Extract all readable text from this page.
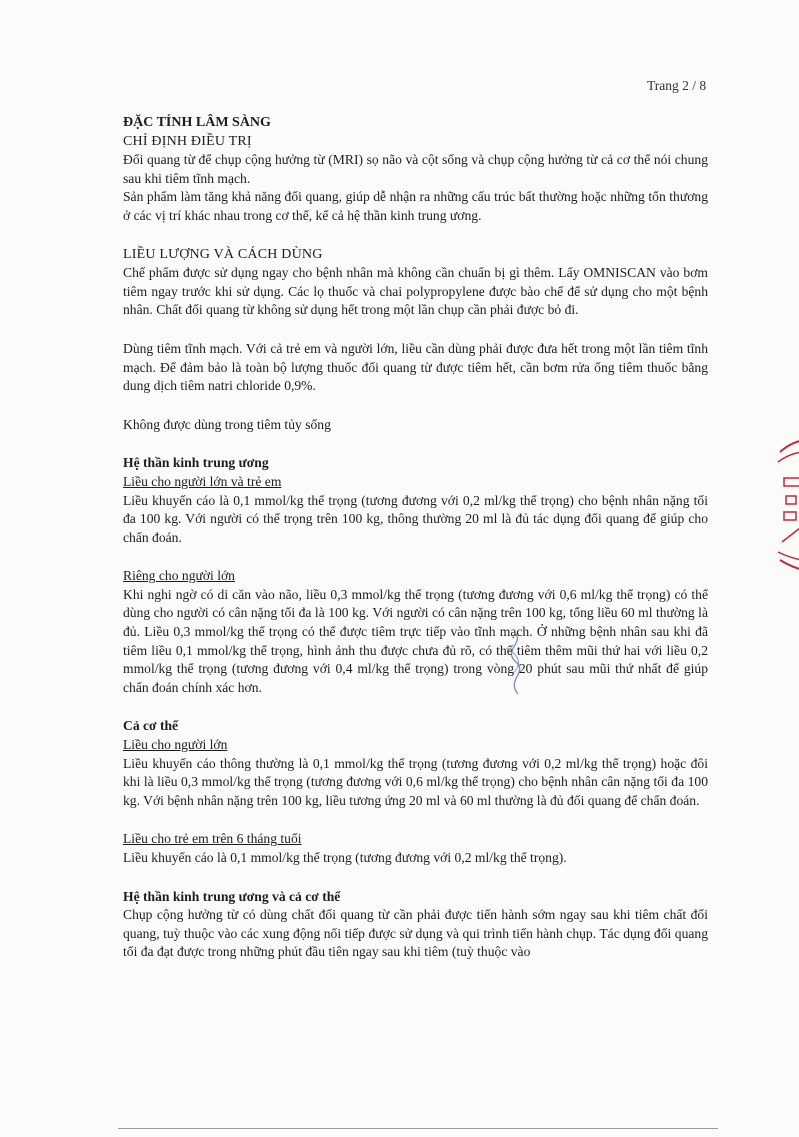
Trang 2 / 8

ĐẶC TÍNH LÂM SÀNG

CHỈ ĐỊNH ĐIỀU TRỊ

Đối quang từ để chụp cộng hưởng từ (MRI) sọ não và cột sống và chụp cộng hưởng từ cả cơ thể nói chung sau khi tiêm tĩnh mạch.

Sản phẩm làm tăng khả năng đối quang, giúp dễ nhận ra những cấu trúc bất thường hoặc những tổn thương ở các vị trí khác nhau trong cơ thể, kể cả hệ thần kinh trung ương.

LIỀU LƯỢNG VÀ CÁCH DÙNG

Chế phẩm được sử dụng ngay cho bệnh nhân mà không cần chuẩn bị gì thêm. Lấy OMNISCAN vào bơm tiêm ngay trước khi sử dụng. Các lọ thuốc và chai polypropylene được bào chế để sử dụng cho một bệnh nhân. Chất đối quang từ không sử dụng hết trong một lần chụp cần phải được bỏ đi.

Dùng tiêm tĩnh mạch. Với cả trẻ em và người lớn, liều cần dùng phải được đưa hết trong một lần tiêm tĩnh mạch. Để đảm bảo là toàn bộ lượng thuốc đối quang từ được tiêm hết, cần bơm rửa ống tiêm thuốc bằng dung dịch tiêm natri chloride 0,9%.

Không được dùng trong tiêm tủy sống

Hệ thần kinh trung ương

Liều cho người lớn và trẻ em

Liều khuyến cáo là 0,1 mmol/kg thể trọng (tương đương với 0,2 ml/kg thể trọng) cho bệnh nhân nặng tối đa 100 kg. Với người có thể trọng trên 100 kg, thông thường 20 ml là đủ tác dụng đối quang để giúp cho chẩn đoán.

Riêng cho người lớn

Khi nghi ngờ có di căn vào não, liều 0,3 mmol/kg thể trọng (tương đương với 0,6 ml/kg thể trọng) có thể dùng cho người có cân nặng tối đa là 100 kg. Với người có cân nặng trên 100 kg, tổng liều 60 ml thường là đủ. Liều 0,3 mmol/kg thể trọng có thể được tiêm trực tiếp vào tĩnh mạch. Ở những bệnh nhân sau khi đã tiêm liều 0,1 mmol/kg thể trọng, hình ảnh thu được chưa đủ rõ, có thể tiêm thêm mũi thứ hai với liều 0,2 mmol/kg thể trọng (tương đương với 0,4 ml/kg thể trọng) trong vòng 20 phút sau mũi thứ nhất để giúp chẩn đoán chính xác hơn.

Cả cơ thể

Liều cho người lớn

Liều khuyến cáo thông thường là 0,1 mmol/kg thể trọng (tương đương với 0,2 ml/kg thể trọng) hoặc đôi khi là liều 0,3 mmol/kg thể trọng (tương đương với 0,6 ml/kg thể trọng) cho bệnh nhân cân nặng tối đa 100 kg. Với bệnh nhân nặng trên 100 kg, liều tương ứng 20 ml và 60 ml thường là đủ đối quang để chẩn đoán.

Liều cho trẻ em trên 6 tháng tuổi

Liều khuyến cáo là 0,1 mmol/kg thể trọng (tương đương với 0,2 ml/kg thể trọng).

Hệ thần kinh trung ương và cả cơ thể

Chụp cộng hưởng từ có dùng chất đối quang từ cần phải được tiến hành sớm ngay sau khi tiêm chất đối quang, tuỳ thuộc vào các xung động nối tiếp được sử dụng và qui trình tiến hành chụp. Tác dụng đối quang tối đa đạt được trong những phút đầu tiên ngay sau khi tiêm (tuỳ thuộc vào
